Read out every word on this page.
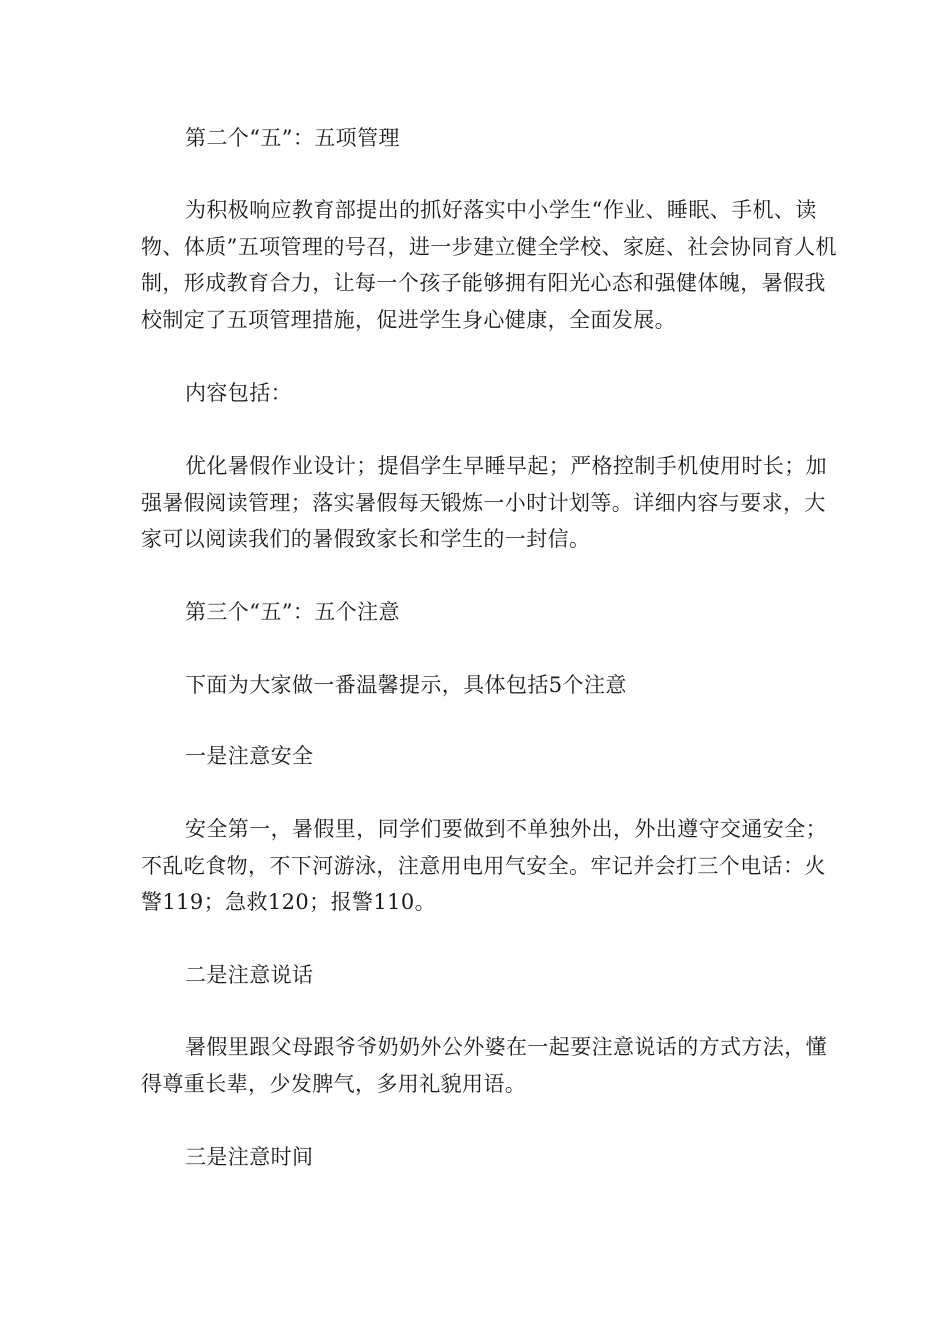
第二个“五”：五项管理

为积极响应教育部提出的抓好落实中小学生“作业、睡眠、手机、读物、体质”五项管理的号召，进一步建立健全学校、家庭、社会协同育人机制，形成教育合力，让每一个孩子能够拥有阳光心态和强健体魄，暑假我校制定了五项管理措施，促进学生身心健康，全面发展。

内容包括：

优化暑假作业设计；提倡学生早睡早起；严格控制手机使用时长；加强暑假阅读管理；落实暑假每天锻炼一小时计划等。详细内容与要求，大家可以阅读我们的暑假致家长和学生的一封信。

第三个“五”：五个注意

下面为大家做一番温馨提示，具体包括5个注意

一是注意安全

安全第一，暑假里，同学们要做到不单独外出，外出遵守交通安全；不乱吃食物，不下河游泳，注意用电用气安全。牢记并会打三个电话：火警119；急救120；报警110。

二是注意说话

暑假里跟父母跟爷爷奶奶外公外婆在一起要注意说话的方式方法，懂得尊重长辈，少发脾气，多用礼貌用语。

三是注意时间
